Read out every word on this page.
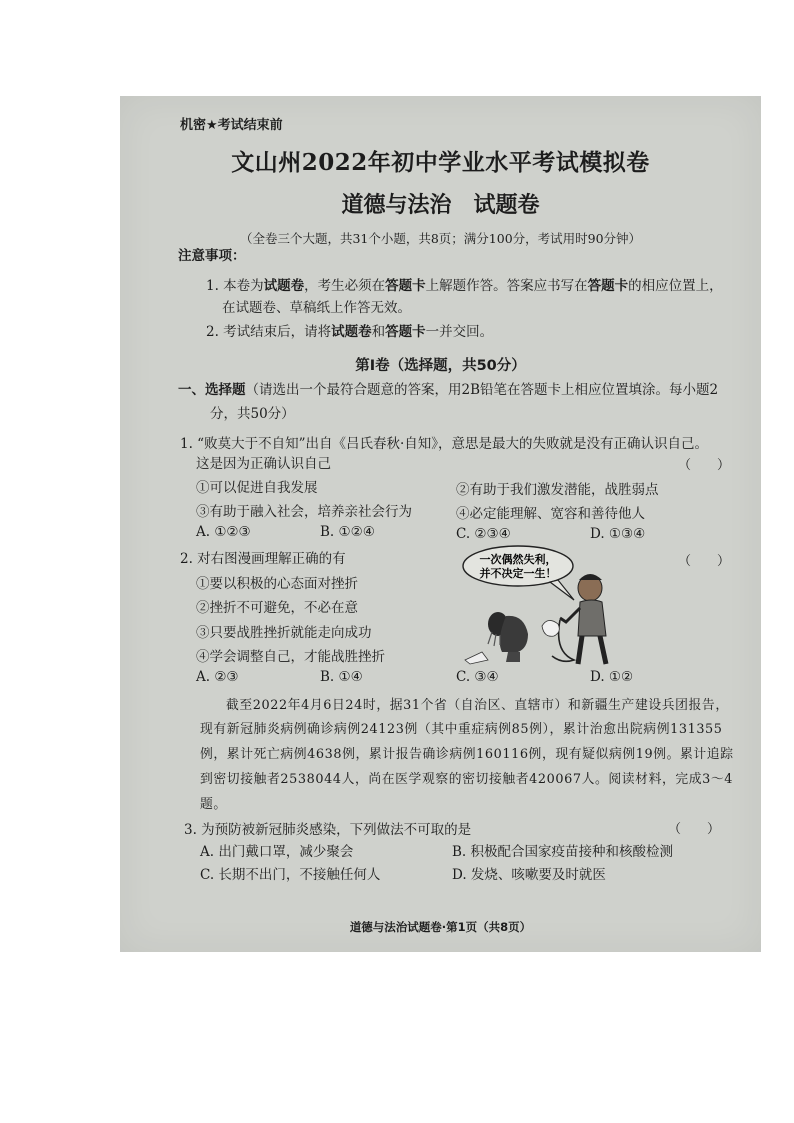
机密★考试结束前
文山州2022年初中学业水平考试模拟卷
道德与法治 试题卷
（全卷三个大题，共31个小题，共8页；满分100分，考试用时90分钟）
注意事项：
1. 本卷为试题卷，考生必须在答题卡上解题作答。答案应书写在答题卡的相应位置上，
在试题卷、草稿纸上作答无效。
2. 考试结束后，请将试题卷和答题卡一并交回。
第Ⅰ卷（选择题，共50分）
一、选择题（请选出一个最符合题意的答案，用2B铅笔在答题卡上相应位置填涂。每小题2
分，共50分）
1. “败莫大于不自知”出自《吕氏春秋·自知》，意思是最大的失败就是没有正确认识自己。
这是因为正确认识自己	（　　）
①可以促进自我发展	②有助于我们激发潜能，战胜弱点
③有助于融入社会，培养亲社会行为	④必定能理解、宽容和善待他人
A. ①②③	B. ①②④	C. ②③④	D. ①③④
2. 对右图漫画理解正确的有	（　　）
①要以积极的心态面对挫折
②挫折不可避免，不必在意
③只要战胜挫折就能走向成功
④学会调整自己，才能战胜挫折
A. ②③	B. ①④	C. ③④	D. ①②
一次偶然失利，
并不决定一生！
截至2022年4月6日24时，据31个省（自治区、直辖市）和新疆生产建设兵团报告，
现有新冠肺炎病例确诊病例24123例（其中重症病例85例），累计治愈出院病例131355
例，累计死亡病例4638例，累计报告确诊病例160116例，现有疑似病例19例。累计追踪
到密切接触者2538044人，尚在医学观察的密切接触者420067人。阅读材料，完成3～4
题。
3. 为预防被新冠肺炎感染，下列做法不可取的是	（　　）
A. 出门戴口罩，减少聚会	B. 积极配合国家疫苗接种和核酸检测
C. 长期不出门，不接触任何人	D. 发烧、咳嗽要及时就医
道德与法治试题卷·第1页（共8页）
